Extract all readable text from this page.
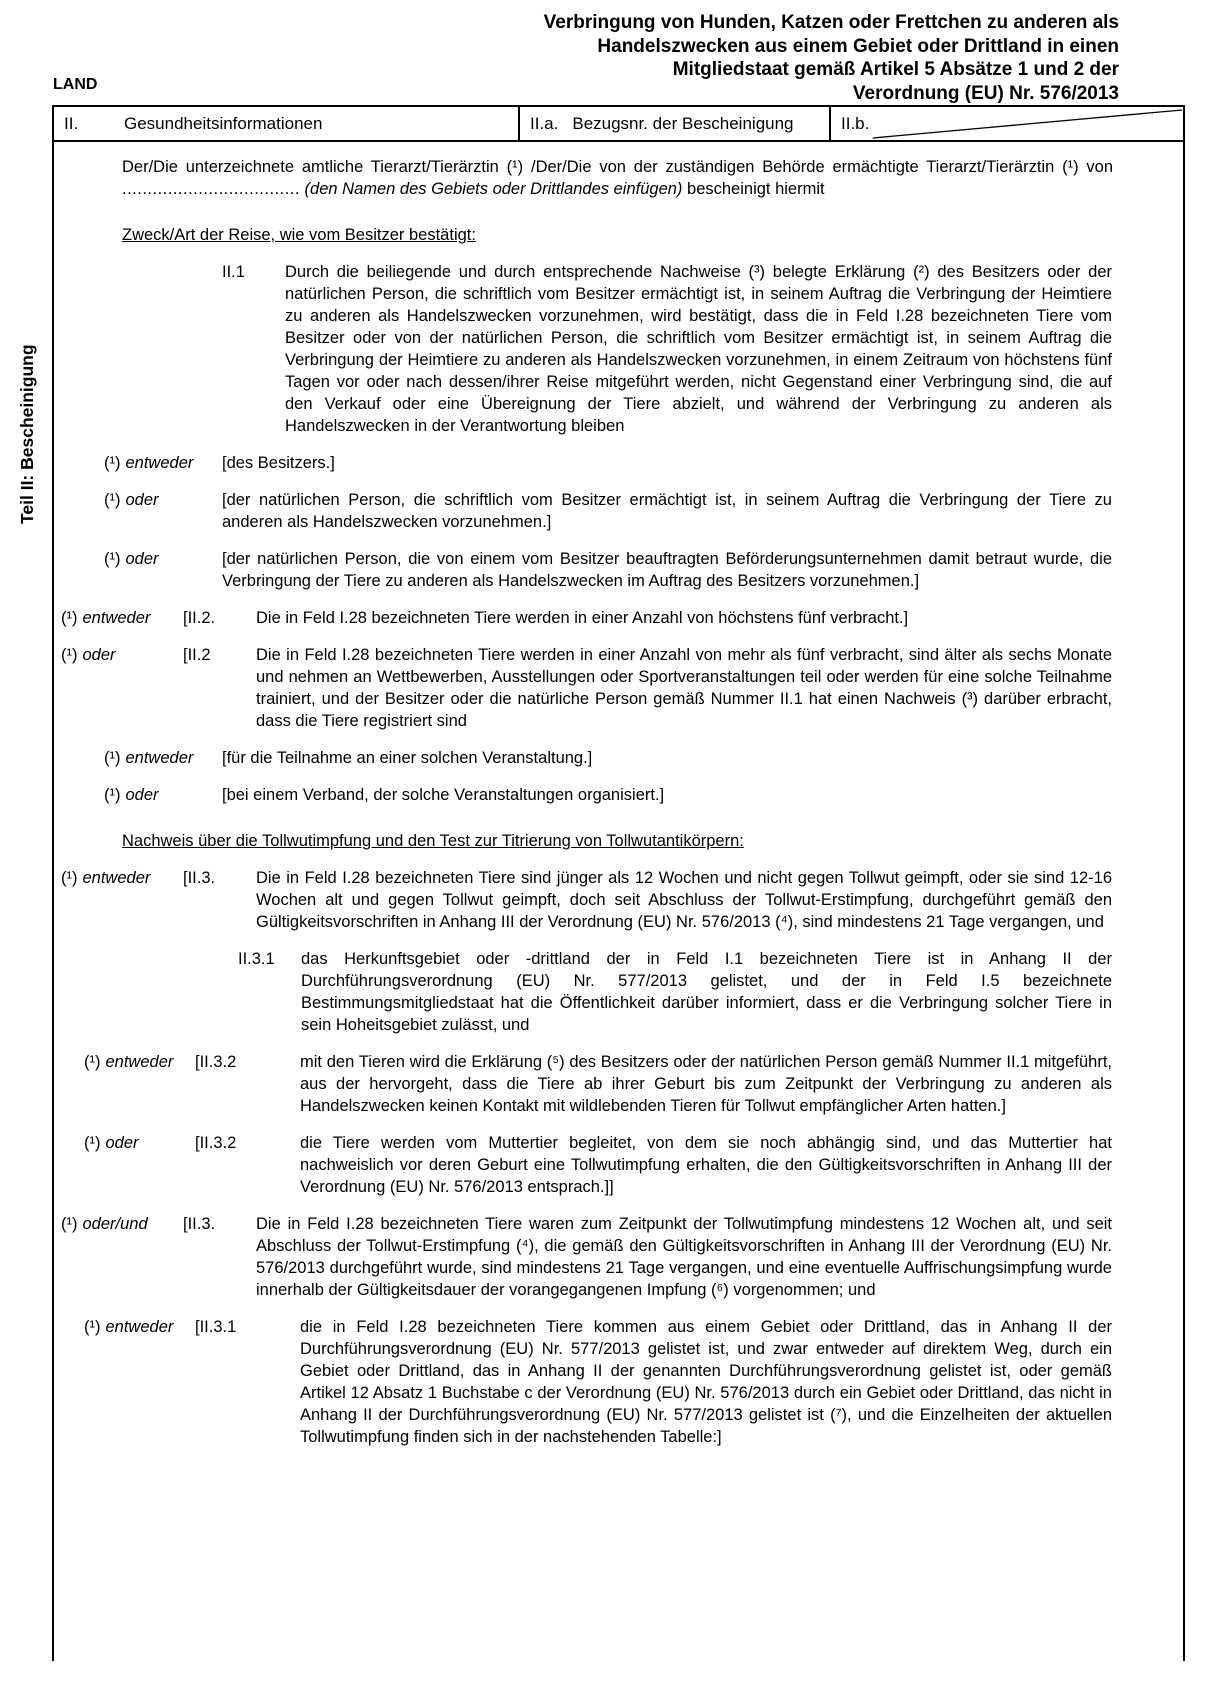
Verbringung von Hunden, Katzen oder Frettchen zu anderen als
Handelszwecken aus einem Gebiet oder Drittland in einen
Mitgliedstaat gemäß Artikel 5 Absätze 1 und 2 der
Verordnung (EU) Nr. 576/2013
LAND
Teil II: Bescheinigung
II.	Gesundheitsinformationen	II.a. Bezugsnr. der Bescheinigung	II.b.

Der/Die unterzeichnete amtliche Tierarzt/Tierärztin (¹) /Der/Die von der zuständigen Behörde ermächtigte Tierarzt/Tierärztin (¹) von ................................... (den Namen des Gebiets oder Drittlandes einfügen) bescheinigt hiermit

Zweck/Art der Reise, wie vom Besitzer bestätigt:
II.1	Durch die beiliegende und durch entsprechende Nachweise (³) belegte Erklärung (²) des Besitzers oder der natürlichen Person, die schriftlich vom Besitzer ermächtigt ist, in seinem Auftrag die Verbringung der Heimtiere zu anderen als Handelszwecken vorzunehmen, wird bestätigt, dass die in Feld I.28 bezeichneten Tiere vom Besitzer oder von der natürlichen Person, die schriftlich vom Besitzer ermächtigt ist, in seinem Auftrag die Verbringung der Heimtiere zu anderen als Handelszwecken vorzunehmen, in einem Zeitraum von höchstens fünf Tagen vor oder nach dessen/ihrer Reise mitgeführt werden, nicht Gegenstand einer Verbringung sind, die auf den Verkauf oder eine Übereignung der Tiere abzielt, und während der Verbringung zu anderen als Handelszwecken in der Verantwortung bleiben
(¹) entweder	[des Besitzers.]
(¹) oder	[der natürlichen Person, die schriftlich vom Besitzer ermächtigt ist, in seinem Auftrag die Verbringung der Tiere zu anderen als Handelszwecken vorzunehmen.]
(¹) oder	[der natürlichen Person, die von einem vom Besitzer beauftragten Beförderungsunternehmen damit betraut wurde, die Verbringung der Tiere zu anderen als Handelszwecken im Auftrag des Besitzers vorzunehmen.]
(¹) entweder	[II.2.	Die in Feld I.28 bezeichneten Tiere werden in einer Anzahl von höchstens fünf verbracht.]
(¹) oder	[II.2	Die in Feld I.28 bezeichneten Tiere werden in einer Anzahl von mehr als fünf verbracht, sind älter als sechs Monate und nehmen an Wettbewerben, Ausstellungen oder Sportveranstaltungen teil oder werden für eine solche Teilnahme trainiert, und der Besitzer oder die natürliche Person gemäß Nummer II.1 hat einen Nachweis (³) darüber erbracht, dass die Tiere registriert sind
(¹) entweder	[für die Teilnahme an einer solchen Veranstaltung.]
(¹) oder	[bei einem Verband, der solche Veranstaltungen organisiert.]
Nachweis über die Tollwutimpfung und den Test zur Titrierung von Tollwutantikörpern:
(¹) entweder	[II.3.	Die in Feld I.28 bezeichneten Tiere sind jünger als 12 Wochen und nicht gegen Tollwut geimpft, oder sie sind 12-16 Wochen alt und gegen Tollwut geimpft, doch seit Abschluss der Tollwut-Erstimpfung, durchgeführt gemäß den Gültigkeitsvorschriften in Anhang III der Verordnung (EU) Nr. 576/2013 (⁴), sind mindestens 21 Tage vergangen, und
II.3.1	das Herkunftsgebiet oder -drittland der in Feld I.1 bezeichneten Tiere ist in Anhang II der Durchführungsverordnung (EU) Nr. 577/2013 gelistet, und der in Feld I.5 bezeichnete Bestimmungsmitgliedstaat hat die Öffentlichkeit darüber informiert, dass er die Verbringung solcher Tiere in sein Hoheitsgebiet zulässt, und
(¹) entweder	[II.3.2	mit den Tieren wird die Erklärung (⁵) des Besitzers oder der natürlichen Person gemäß Nummer II.1 mitgeführt, aus der hervorgeht, dass die Tiere ab ihrer Geburt bis zum Zeitpunkt der Verbringung zu anderen als Handelszwecken keinen Kontakt mit wildlebenden Tieren für Tollwut empfänglicher Arten hatten.]
(¹) oder	[II.3.2	die Tiere werden vom Muttertier begleitet, von dem sie noch abhängig sind, und das Muttertier hat nachweislich vor deren Geburt eine Tollwutimpfung erhalten, die den Gültigkeitsvorschriften in Anhang III der Verordnung (EU) Nr. 576/2013 entsprach.]]
(¹) oder/und	[II.3.	Die in Feld I.28 bezeichneten Tiere waren zum Zeitpunkt der Tollwutimpfung mindestens 12 Wochen alt, und seit Abschluss der Tollwut-Erstimpfung (⁴), die gemäß den Gültigkeitsvorschriften in Anhang III der Verordnung (EU) Nr. 576/2013 durchgeführt wurde, sind mindestens 21 Tage vergangen, und eine eventuelle Auffrischungsimpfung wurde innerhalb der Gültigkeitsdauer der vorangegangenen Impfung (⁶) vorgenommen; und
(¹) entweder	[II.3.1	die in Feld I.28 bezeichneten Tiere kommen aus einem Gebiet oder Drittland, das in Anhang II der Durchführungsverordnung (EU) Nr. 577/2013 gelistet ist, und zwar entweder auf direktem Weg, durch ein Gebiet oder Drittland, das in Anhang II der genannten Durchführungsverordnung gelistet ist, oder gemäß Artikel 12 Absatz 1 Buchstabe c der Verordnung (EU) Nr. 576/2013 durch ein Gebiet oder Drittland, das nicht in Anhang II der Durchführungsverordnung (EU) Nr. 577/2013 gelistet ist (⁷), und die Einzelheiten der aktuellen Tollwutimpfung finden sich in der nachstehenden Tabelle:]
